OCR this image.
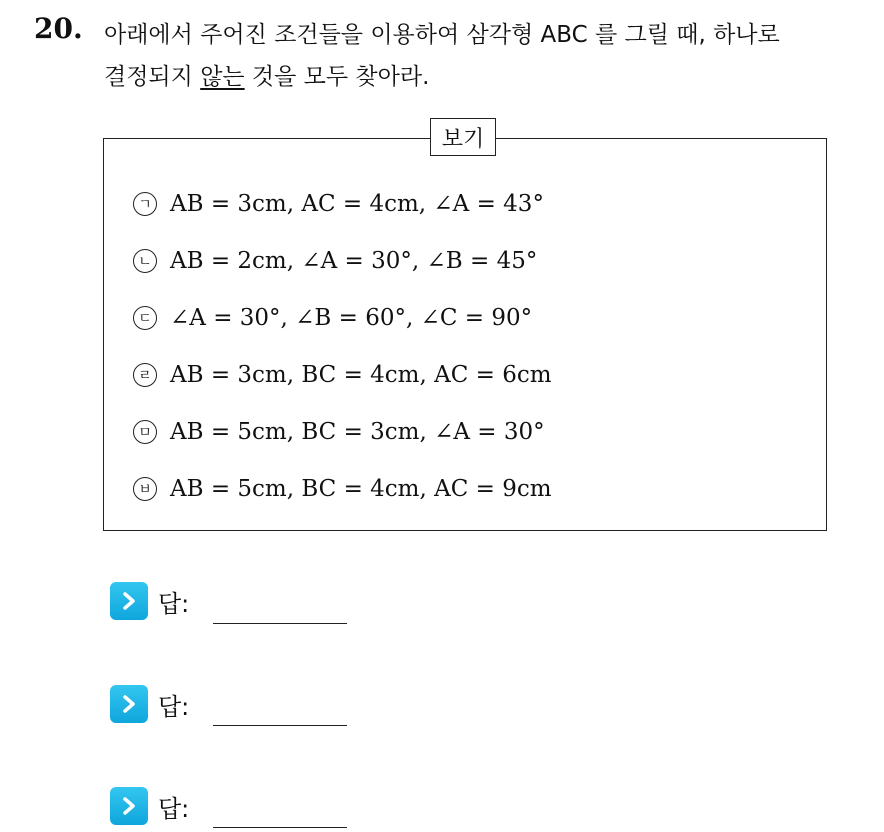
20. 아래에서 주어진 조건들을 이용하여 삼각형 ABC 를 그릴 때, 하나로
결정되지 않는 것을 모두 찾아라.
보기
ㄱ AB = 3cm, AC = 4cm, ∠A = 43°
ㄴ AB = 2cm, ∠A = 30°, ∠B = 45°
ㄷ ∠A = 30°, ∠B = 60°, ∠C = 90°
ㄹ AB = 3cm, BC = 4cm, AC = 6cm
ㅁ AB = 5cm, BC = 3cm, ∠A = 30°
ㅂ AB = 5cm, BC = 4cm, AC = 9cm
답:
답:
답:
